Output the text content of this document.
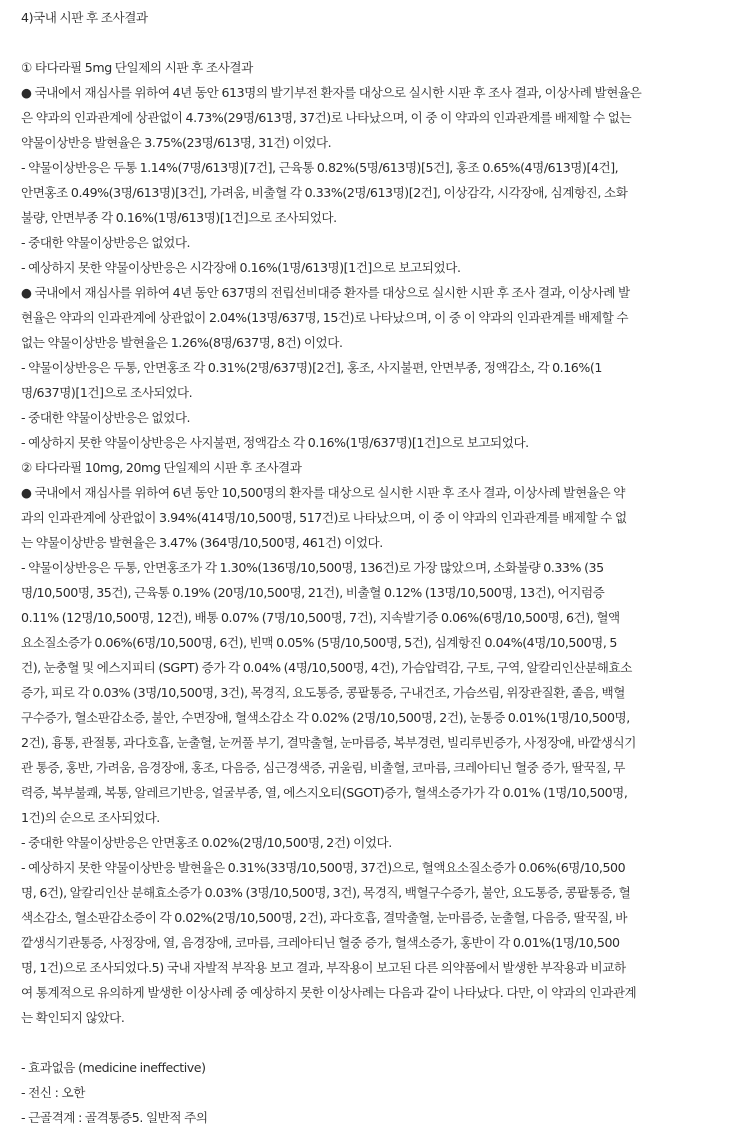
4)국내 시판 후 조사결과
① 타다라필 5mg 단일제의 시판 후 조사결과
● 국내에서 재심사를 위하여 4년 동안 613명의 발기부전 환자를 대상으로 실시한 시판 후 조사 결과, 이상사례 발현율은
은 약과의 인과관계에 상관없이 4.73%(29명/613명, 37건)로 나타났으며, 이 중 이 약과의 인과관계를 배제할 수 없는
약물이상반응 발현율은 3.75%(23명/613명, 31건) 이었다.
- 약물이상반응은 두통 1.14%(7명/613명)[7건], 근육통 0.82%(5명/613명)[5건], 홍조 0.65%(4명/613명)[4건],
안면홍조 0.49%(3명/613명)[3건], 가려움, 비출혈 각 0.33%(2명/613명)[2건], 이상감각, 시각장애, 심계항진, 소화
불량, 안면부종 각 0.16%(1명/613명)[1건]으로 조사되었다.
- 중대한 약물이상반응은 없었다.
- 예상하지 못한 약물이상반응은 시각장애 0.16%(1명/613명)[1건]으로 보고되었다.
● 국내에서 재심사를 위하여 4년 동안 637명의 전립선비대증 환자를 대상으로 실시한 시판 후 조사 결과, 이상사례 발
현율은 약과의 인과관계에 상관없이 2.04%(13명/637명, 15건)로 나타났으며, 이 중 이 약과의 인과관계를 배제할 수
없는 약물이상반응 발현율은 1.26%(8명/637명, 8건) 이었다.
- 약물이상반응은 두통, 안면홍조 각 0.31%(2명/637명)[2건], 홍조, 사지불편, 안면부종, 정액감소, 각 0.16%(1
명/637명)[1건]으로 조사되었다.
- 중대한 약물이상반응은 없었다.
- 예상하지 못한 약물이상반응은 사지불편, 정액감소 각 0.16%(1명/637명)[1건]으로 보고되었다.
② 타다라필 10mg, 20mg 단일제의 시판 후 조사결과
● 국내에서 재심사를 위하여 6년 동안 10,500명의 환자를 대상으로 실시한 시판 후 조사 결과, 이상사례 발현율은 약
과의 인과관계에 상관없이 3.94%(414명/10,500명, 517건)로 나타났으며, 이 중 이 약과의 인과관계를 배제할 수 없
는 약물이상반응 발현율은 3.47% (364명/10,500명, 461건) 이었다.
- 약물이상반응은 두통, 안면홍조가 각 1.30%(136명/10,500명, 136건)로 가장 많았으며, 소화불량 0.33% (35
명/10,500명, 35건), 근육통 0.19% (20명/10,500명, 21건), 비출혈 0.12% (13명/10,500명, 13건), 어지럼증
0.11% (12명/10,500명, 12건), 배통 0.07% (7명/10,500명, 7건), 지속발기증 0.06%(6명/10,500명, 6건), 혈액
요소질소증가 0.06%(6명/10,500명, 6건), 빈맥 0.05% (5명/10,500명, 5건), 심계항진 0.04%(4명/10,500명, 5
건), 눈충혈 및 에스지피티 (SGPT) 증가 각 0.04% (4명/10,500명, 4건), 가슴압력감, 구토, 구역, 알칼리인산분해효소
증가, 피로 각 0.03% (3명/10,500명, 3건), 목경직, 요도통증, 콩팥통증, 구내건조, 가슴쓰림, 위장관질환, 졸음, 백혈
구수증가, 혈소판감소증, 불안, 수면장애, 혈색소감소 각 0.02% (2명/10,500명, 2건), 눈통증 0.01%(1명/10,500명,
2건), 흉통, 관절통, 과다호흡, 눈출혈, 눈꺼풀 부기, 결막출혈, 눈마름증, 복부경련, 빌리루빈증가, 사정장애, 바깥생식기
관 통증, 홍반, 가려움, 음경장애, 홍조, 다음증, 심근경색증, 귀울림, 비출혈, 코마름, 크레아티닌 혈중 증가, 딸꾹질, 무
력증, 복부불쾌, 복통, 알레르기반응, 얼굴부종, 열, 에스지오티(SGOT)증가, 혈색소증가가 각 0.01% (1명/10,500명,
1건)의 순으로 조사되었다.
- 중대한 약물이상반응은 안면홍조 0.02%(2명/10,500명, 2건) 이었다.
- 예상하지 못한 약물이상반응 발현율은 0.31%(33명/10,500명, 37건)으로, 혈액요소질소증가 0.06%(6명/10,500
명, 6건), 알칼리인산 분해효소증가 0.03% (3명/10,500명, 3건), 목경직, 백혈구수증가, 불안, 요도통증, 콩팥통증, 혈
색소감소, 혈소판감소증이 각 0.02%(2명/10,500명, 2건), 과다호흡, 결막출혈, 눈마름증, 눈출혈, 다음증, 딸꾹질, 바
깥생식기관통증, 사정장애, 열, 음경장애, 코마름, 크레아티닌 혈중 증가, 혈색소증가, 홍반이 각 0.01%(1명/10,500
명, 1건)으로 조사되었다.5) 국내 자발적 부작용 보고 결과, 부작용이 보고된 다른 의약품에서 발생한 부작용과 비교하
여 통계적으로 유의하게 발생한 이상사례 중 예상하지 못한 이상사례는 다음과 같이 나타났다. 다만, 이 약과의 인과관계
는 확인되지 않았다.
- 효과없음 (medicine ineffective)
- 전신 : 오한
- 근골격계 : 골격통증5. 일반적 주의
